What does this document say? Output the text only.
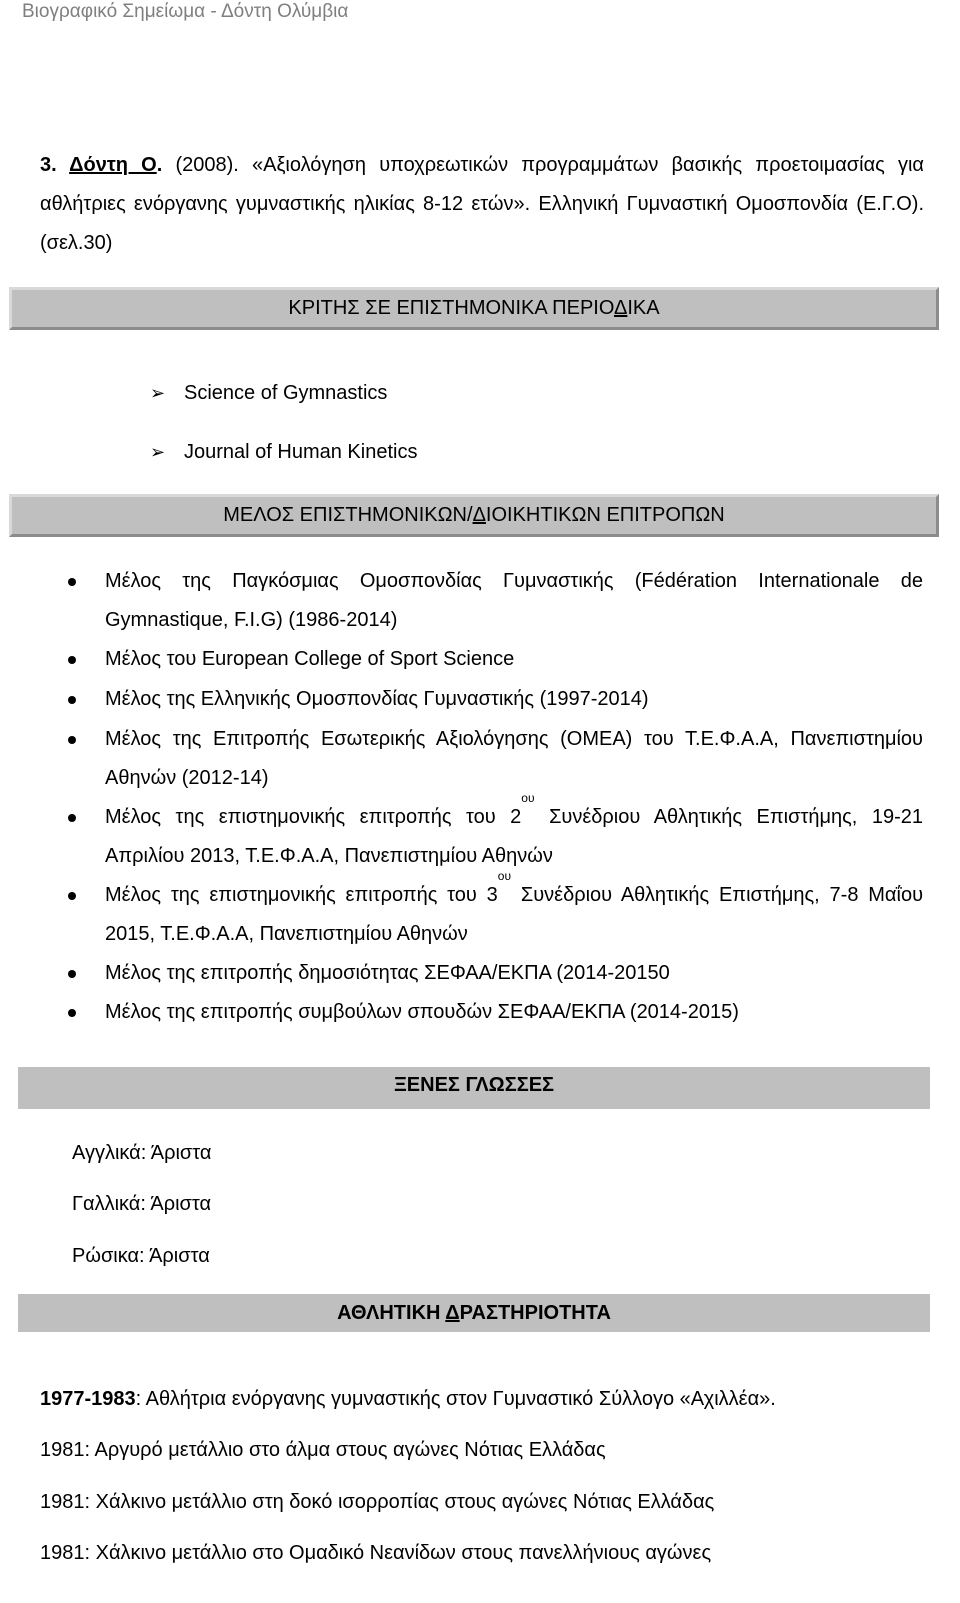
Βιογραφικό Σημείωμα - Δόντη Ολύμβια
3. Δόντη Ο. (2008). «Αξιολόγηση υποχρεωτικών προγραμμάτων βασικής προετοιμασίας για αθλήτριες ενόργανης γυμναστικής ηλικίας 8-12 ετών». Ελληνική Γυμναστική Ομοσπονδία (Ε.Γ.Ο).(σελ.30)
ΚΡΙΤΗΣ ΣΕ ΕΠΙΣΤΗΜΟΝΙΚΑ ΠΕΡΙΟΔΙΚΑ
➢ Science of Gymnastics
➢ Journal of Human Kinetics
ΜΕΛΟΣ ΕΠΙΣΤΗΜΟΝΙΚΩΝ/ΔΙΟΙΚΗΤΙΚΩΝ ΕΠΙΤΡΟΠΩΝ
Μέλος της Παγκόσμιας Ομοσπονδίας Γυμναστικής (Fédération Internationale de Gymnastique, F.I.G) (1986-2014)
Μέλος του European College of Sport Science
Μέλος της Ελληνικής Ομοσπονδίας Γυμναστικής (1997-2014)
Μέλος της Επιτροπής Εσωτερικής Αξιολόγησης (ΟΜΕΑ) του Τ.Ε.Φ.Α.Α, Πανεπιστημίου Αθηνών (2012-14)
Μέλος της επιστημονικής επιτροπής του $2^{o\upsilon}$ Συνέδριου Αθλητικής Επιστήμης, 19-21 Απριλίου 2013, Τ.Ε.Φ.Α.Α, Πανεπιστημίου Αθηνών
Μέλος της επιστημονικής επιτροπής του $3^{o\upsilon}$ Συνέδριου Αθλητικής Επιστήμης, 7-8 Μαΐου 2015, Τ.Ε.Φ.Α.Α, Πανεπιστημίου Αθηνών
Μέλος της επιτροπής δημοσιότητας ΣΕΦΑΑ/ΕΚΠΑ (2014-20150
Μέλος της επιτροπής συμβούλων σπουδών ΣΕΦΑΑ/ΕΚΠΑ (2014-2015)
ΞΕΝΕΣ ΓΛΩΣΣΕΣ
Αγγλικά: Άριστα
Γαλλικά: Άριστα
Ρώσικα: Άριστα
ΑΘΛΗΤΙΚΗ ΔΡΑΣΤΗΡΙΟΤΗΤΑ
1977-1983: Αθλήτρια ενόργανης γυμναστικής στον Γυμναστικό Σύλλογο «Αχιλλέα».
1981: Αργυρό μετάλλιο στο άλμα στους αγώνες Νότιας Ελλάδας
1981: Χάλκινο μετάλλιο στη δοκό ισορροπίας στους αγώνες Νότιας Ελλάδας
1981: Χάλκινο μετάλλιο στο Ομαδικό Νεανίδων στους πανελλήνιους αγώνες
